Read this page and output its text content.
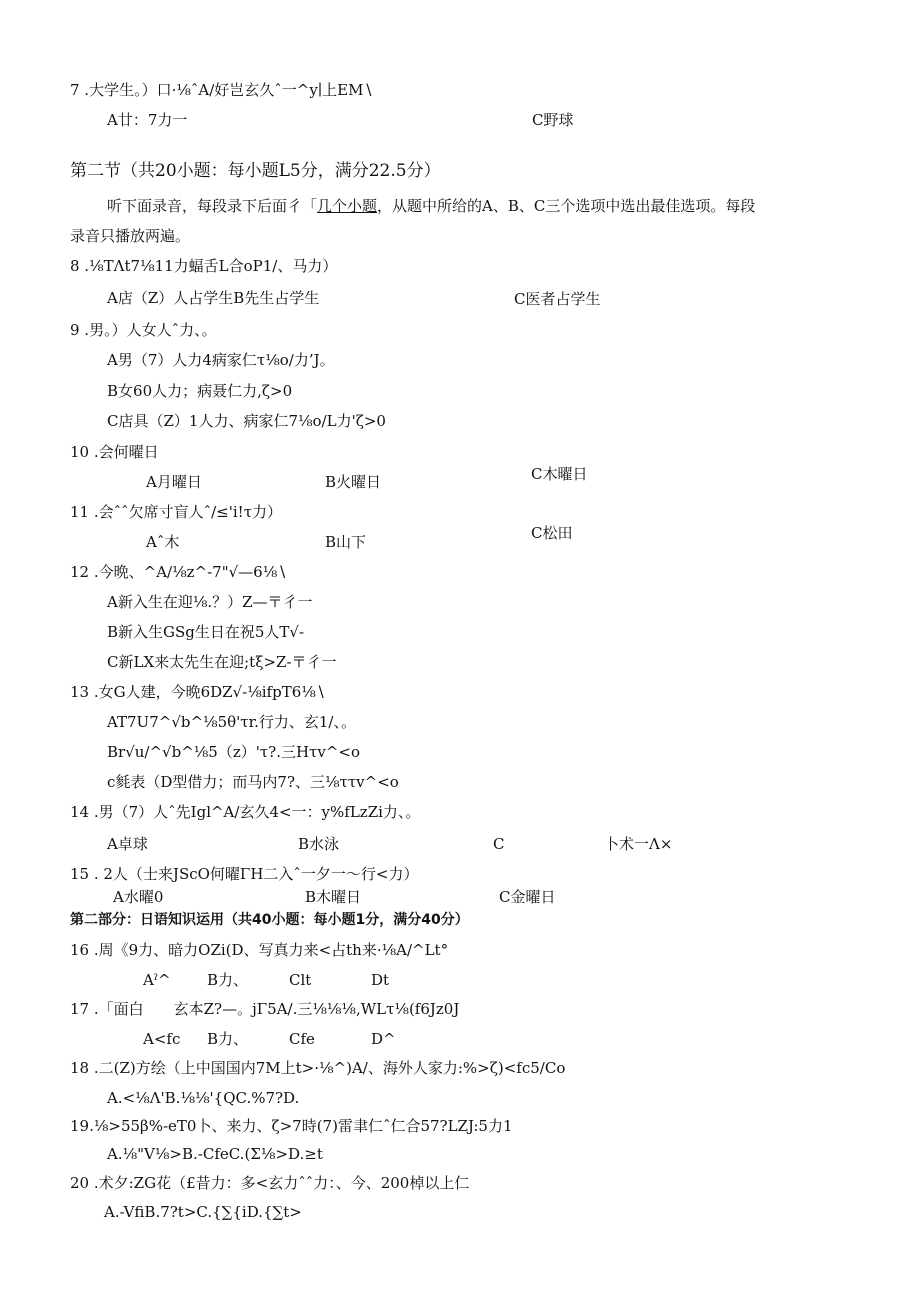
7 .大学生。）口·⅛ˆA∕好岂玄久ˆ一^y∣上EM∖
A廿：7力一	C野球
第二节（共20小题：每小题L5分，满分22.5分）
听下面录音，每段录下后面彳「几个小题，从题中所给的A、B、C三个选项中选出最佳选项。每段
录音只播放两遍。
8 .⅛TΛt7⅛11力蝠舌L合oP1/、马力）
A店（Z）人占学生B先生占学生	C医者占学生
9 .男。）人女人ˆ力、。
A男（7）人力4病家仁τ⅛o∕力’J。
B女60人力；病聂仁力,ζ>0
C店具（Z）1人力、病家仁7⅛o∕L力'ζ>0
10 .会何曜日
A月曜日	B火曜日	C木曜日
11 .会ˆˆ欠席寸盲人ˆ∕≤'i!τ力）
Aˆ木	B山下	C松田
12 .今晩、^A∕⅛z^-7"√—6⅛∖
A新入生在迎⅛.？）Z—〒彳一
B新入生GSg生日在祝5人T√-
C新LX来太先生在迎;tξ>Z-〒彳一
13 .女G人建，今晩6DZ√-⅛ifpT6⅛∖
AT7U7^√b^⅛5θ'τr.行力、玄1/、。
Br√u∕^√b^⅛5（z）'τ?.三Hτv^<o
c毵表（D型借力；而马内7?、三⅛ττv^<o
14 .男（7）人ˆ先Igl^A∕玄久4<一：y%fLzZi力、。
A卓球	B水泳	C	卜术一Λ×
15 . 2人（士来JScO何曜ΓH二入ˆ一夕一～行<力）
A水曜0	B木曜日	C金曜日
第二部分：日语知识运用（共40小题：每小题1分，满分40分）
16 .周《9力、暗力OZi(D、写真力来<占th来·⅛A∕^Lt°
Aˀ^ B力、	Clt	Dt
17 .「面白　　玄本Z?—。jΓ5A∕.三⅛⅛⅛,WLτ⅛(f6Jz0J
A<fc B力、	Cfe	D^
18 .二(Z)方绘（上中国国内7M上t>·⅛^)A/、海外人家力:%>ζ)<fc5/Co
A.<⅛Λ'B.⅛⅛'{QC.%7?D.
19.⅛>55β%-eT0卜、来力、ζ>7時(7)雷聿仁ˆ仁合57?LZJ:5力1
A.⅛"V⅛>B.-CfeC.(Σ⅛>D.≥t
20 .术夕:ZG花（£昔力：多<玄力ˆˆ力：、今、200棹以上仁
A.-VfiB.7?t>C.{∑{iD.{∑t>
